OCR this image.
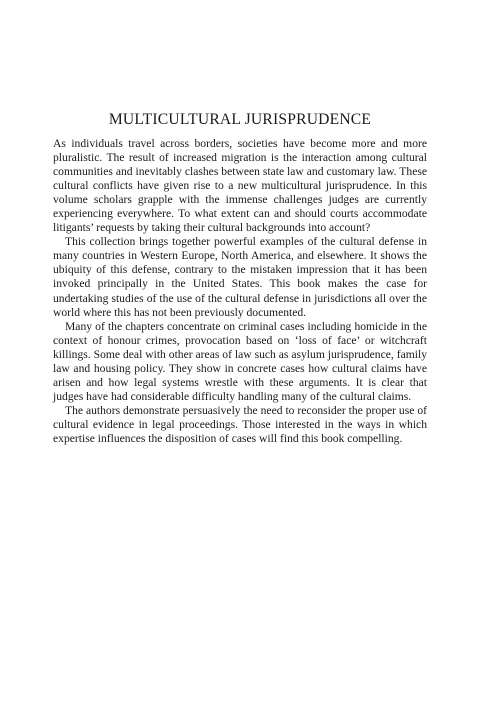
MULTICULTURAL JURISPRUDENCE

As individuals travel across borders, societies have become more and more pluralistic. The result of increased migration is the interaction among cultural communities and inevitably clashes between state law and customary law. These cultural conflicts have given rise to a new multicultural jurisprudence. In this volume scholars grapple with the immense challenges judges are currently experiencing everywhere. To what extent can and should courts accommodate litigants’ requests by taking their cultural backgrounds into account?

This collection brings together powerful examples of the cultural defense in many countries in Western Europe, North America, and elsewhere. It shows the ubiquity of this defense, contrary to the mistaken impression that it has been invoked principally in the United States. This book makes the case for undertaking studies of the use of the cultural defense in jurisdictions all over the world where this has not been previously documented.

Many of the chapters concentrate on criminal cases including homicide in the context of honour crimes, provocation based on ‘loss of face’ or witchcraft killings. Some deal with other areas of law such as asylum jurisprudence, family law and housing policy. They show in concrete cases how cultural claims have arisen and how legal systems wrestle with these arguments. It is clear that judges have had considerable difficulty handling many of the cultural claims.

The authors demonstrate persuasively the need to reconsider the proper use of cultural evidence in legal proceedings. Those interested in the ways in which expertise influences the disposition of cases will find this book compelling.
